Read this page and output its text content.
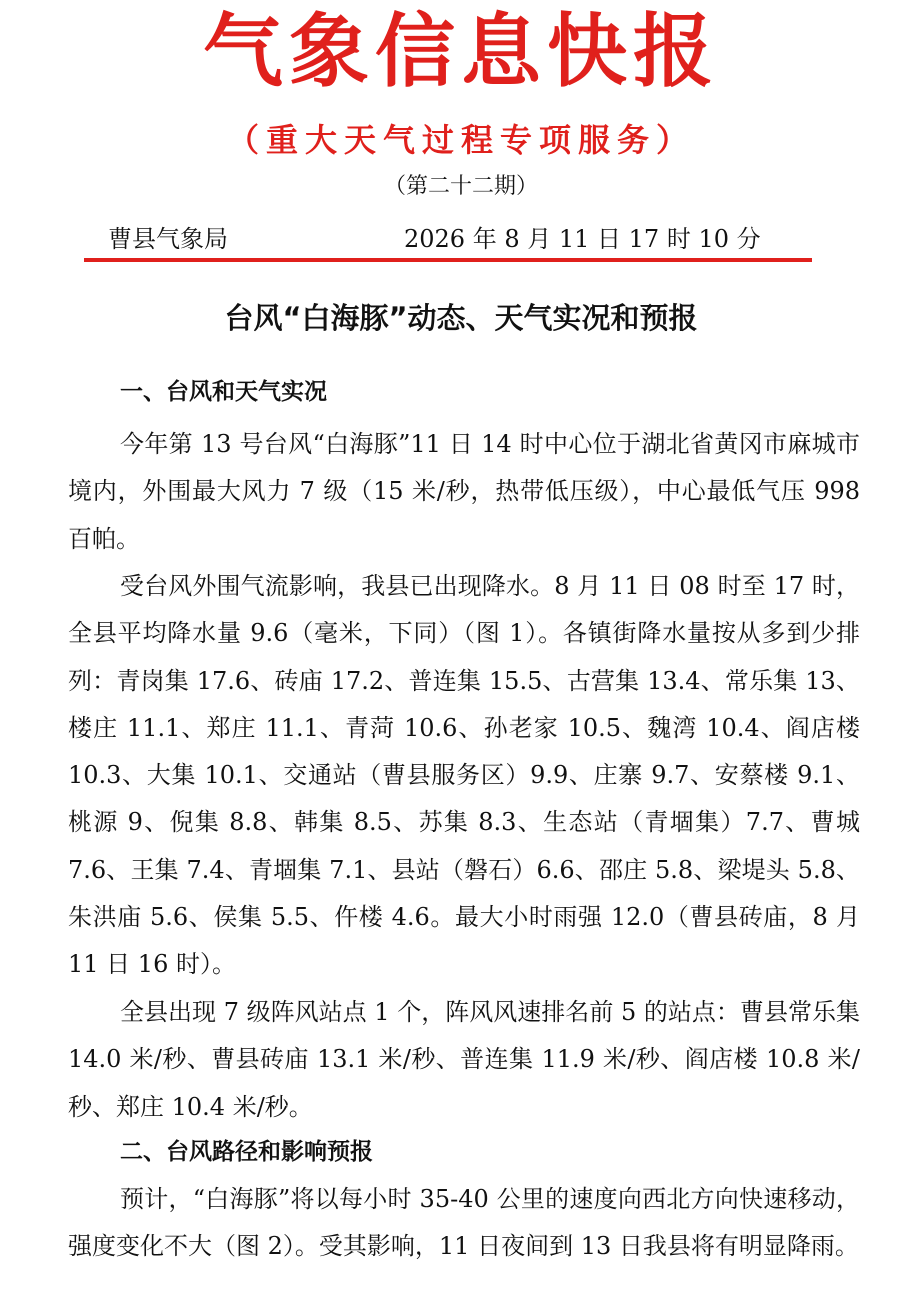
气象信息快报
（重大天气过程专项服务）
（第二十二期）
曹县气象局	2026 年 8 月 11 日 17 时 10 分
台风“白海豚”动态、天气实况和预报
一、台风和天气实况

今年第 13 号台风“白海豚”11 日 14 时中心位于湖北省黄冈市麻城市境内，外围最大风力 7 级（15 米/秒，热带低压级），中心最低气压 998 百帕。

受台风外围气流影响，我县已出现降水。8 月 11 日 08 时至 17 时，全县平均降水量 9.6（毫米，下同）（图 1）。各镇街降水量按从多到少排列：青岗集 17.6、砖庙 17.2、普连集 15.5、古营集 13.4、常乐集 13、楼庄 11.1、郑庄 11.1、青菏 10.6、孙老家 10.5、魏湾 10.4、阎店楼 10.3、大集 10.1、交通站（曹县服务区）9.9、庄寨 9.7、安蔡楼 9.1、桃源 9、倪集 8.8、韩集 8.5、苏集 8.3、生态站（青堌集）7.7、曹城 7.6、王集 7.4、青堌集 7.1、县站（磐石）6.6、邵庄 5.8、梁堤头 5.8、朱洪庙 5.6、侯集 5.5、仵楼 4.6。最大小时雨强 12.0（曹县砖庙，8 月 11 日 16 时）。

全县出现 7 级阵风站点 1 个，阵风风速排名前 5 的站点：曹县常乐集 14.0 米/秒、曹县砖庙 13.1 米/秒、普连集 11.9 米/秒、阎店楼 10.8 米/秒、郑庄 10.4 米/秒。

二、台风路径和影响预报

预计，“白海豚”将以每小时 35-40 公里的速度向西北方向快速移动，强度变化不大（图 2）。受其影响，11 日夜间到 13 日我县将有明显降雨。
